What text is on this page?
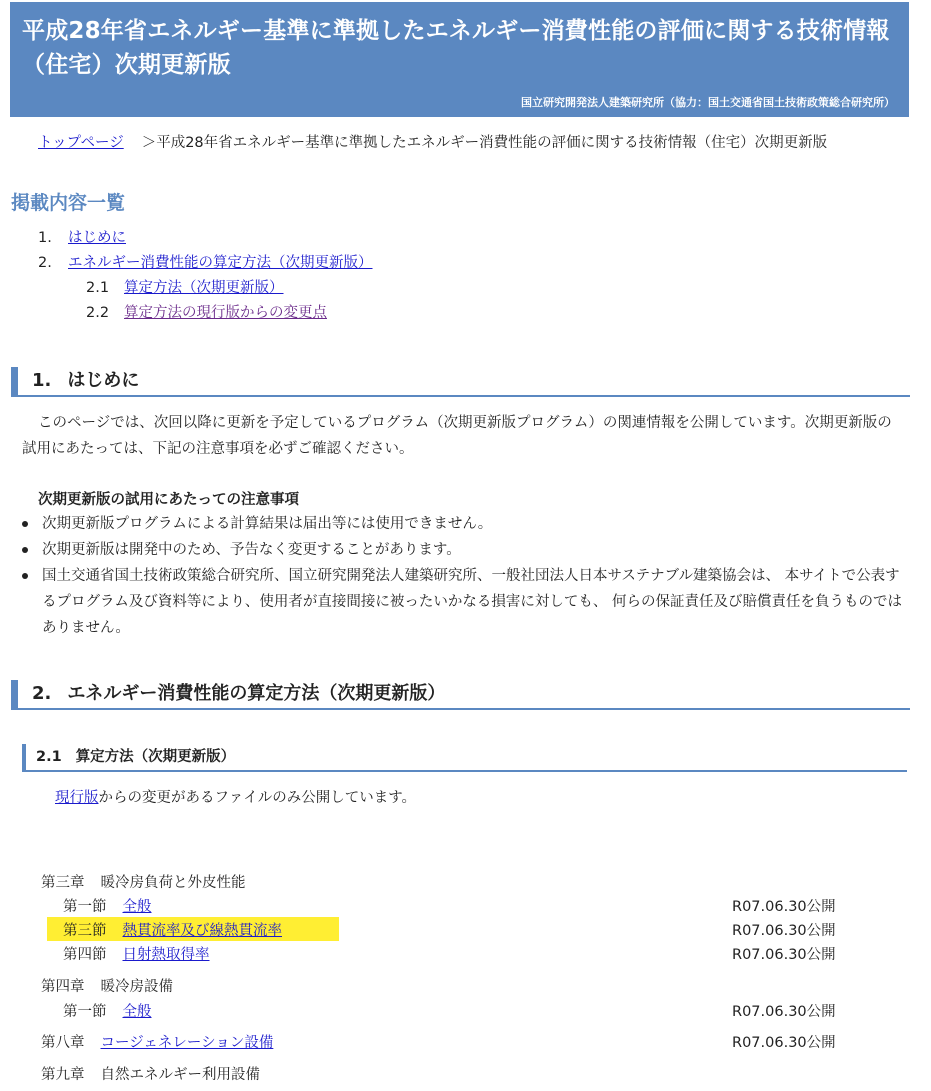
平成28年省エネルギー基準に準拠したエネルギー消費性能の評価に関する技術情報（住宅）次期更新版
国立研究開発法人建築研究所（協力：国土交通省国土技術政策総合研究所）
トップページ ＞平成28年省エネルギー基準に準拠したエネルギー消費性能の評価に関する技術情報（住宅）次期更新版
掲載内容一覧
1. はじめに
2. エネルギー消費性能の算定方法（次期更新版）
2.1 算定方法（次期更新版）
2.2 算定方法の現行版からの変更点
1. はじめに
このページでは、次回以降に更新を予定しているプログラム（次期更新版プログラム）の関連情報を公開しています。次期更新版の試用にあたっては、下記の注意事項を必ずご確認ください。
次期更新版の試用にあたっての注意事項
次期更新版プログラムによる計算結果は届出等には使用できません。
次期更新版は開発中のため、予告なく変更することがあります。
国土交通省国土技術政策総合研究所、国立研究開発法人建築研究所、一般社団法人日本サステナブル建築協会は、 本サイトで公表するプログラム及び資料等により、使用者が直接間接に被ったいかなる損害に対しても、 何らの保証責任及び賠償責任を負うものではありません。
2. エネルギー消費性能の算定方法（次期更新版）
2.1 算定方法（次期更新版）
現行版からの変更があるファイルのみ公開しています。
第三章 暖冷房負荷と外皮性能
第一節 全般	R07.06.30公開
第三節 熱貫流率及び線熱貫流率	R07.06.30公開
第四節 日射熱取得率	R07.06.30公開
第四章 暖冷房設備
第一節 全般	R07.06.30公開
第八章 コージェネレーション設備	R07.06.30公開
第九章 自然エネルギー利用設備
